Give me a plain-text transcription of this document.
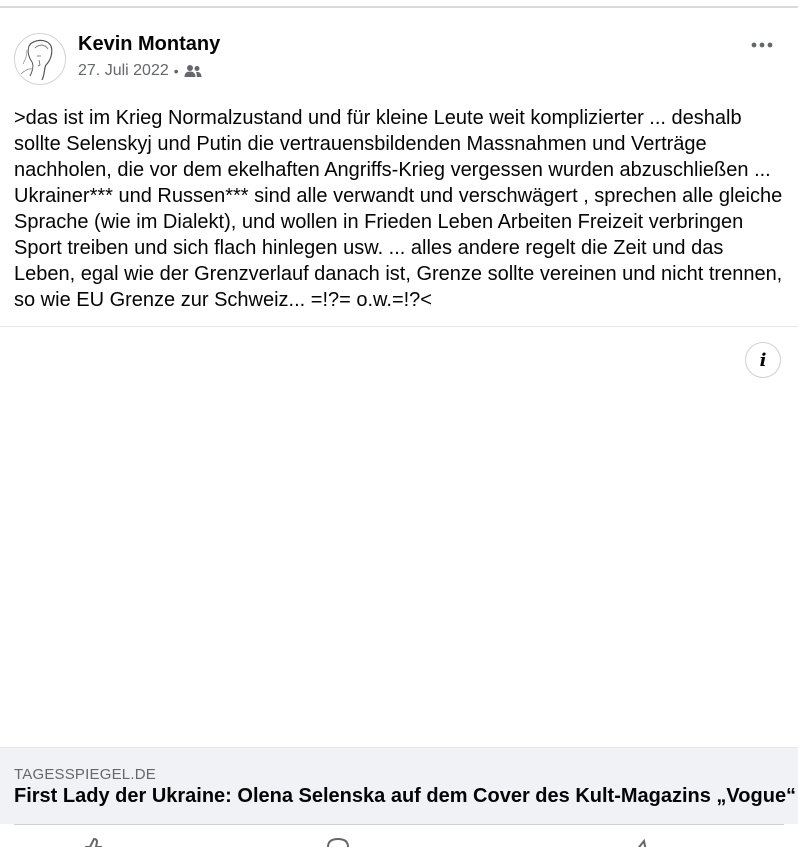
Kevin Montany
27. Juli 2022 •
>das ist im Krieg Normalzustand und für kleine Leute weit komplizierter ... deshalb sollte Selenskyj und Putin die vertrauensbildenden Massnahmen und Verträge nachholen, die vor dem ekelhaften Angriffs-Krieg vergessen wurden abzuschließen ... Ukrainer*** und Russen*** sind alle verwandt und verschwägert , sprechen alle gleiche Sprache (wie im Dialekt), und wollen in Frieden Leben Arbeiten Freizeit verbringen Sport treiben und sich flach hinlegen usw. ... alles andere regelt die Zeit und das Leben, egal wie der Grenzverlauf danach ist, Grenze sollte vereinen und nicht trennen, so wie EU Grenze zur Schweiz... =!?= o.w.=!?<
i
TAGESSPIEGEL.DE
First Lady der Ukraine: Olena Selenska auf dem Cover des Kult-Magazins „Vogue“
